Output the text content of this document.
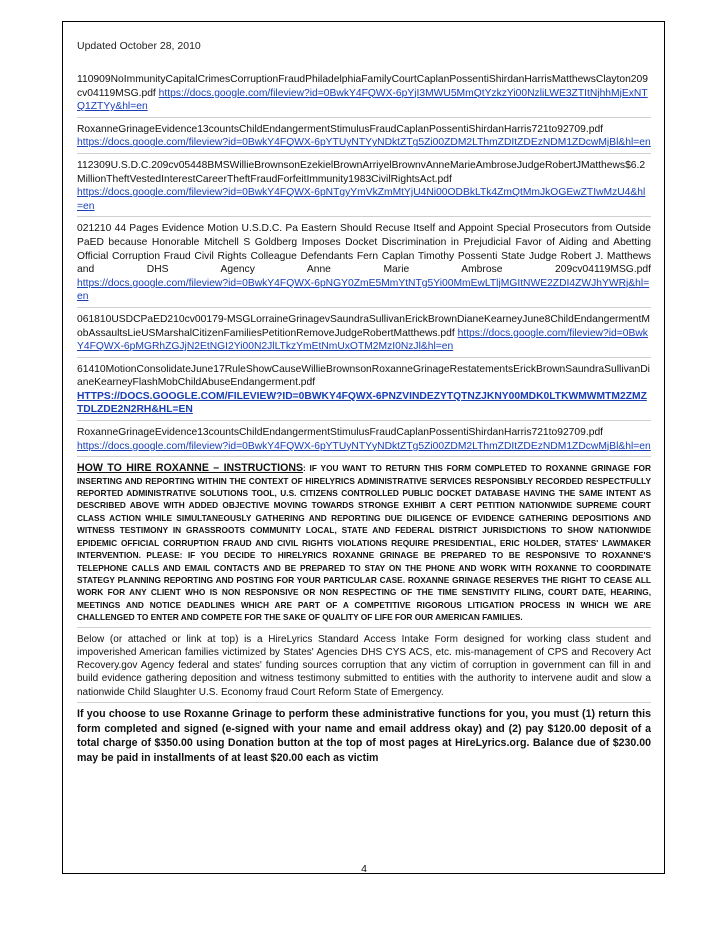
Updated October 28, 2010
110909NoImmunityCapitalCrimesCorruptionFraudPhiladelphiaFamilyCourtCaplanPossentiShirdanHarrisMatthewsClayton209cv04119MSG.pdf https://docs.google.com/fileview?id=0BwkY4FQWX-6pYjI3MWU5MmQtYzkzYi00NzliLWE3ZTItNjhhMjExNTQ1ZTYy&hl=en
RoxanneGrinageEvidence13countsChildEndangermentStimulusFraudCaplanPossentiShirdanHarris721to92709.pdf
https://docs.google.com/fileview?id=0BwkY4FQWX-6pYTUyNTYyNDktZTg5Zi00ZDM2LThmZDItZDEzNDM1ZDcwMjBl&hl=en
112309U.S.D.C.209cv05448BMSWillieBrownsonEzekielBrownArriyelBrownvAnneMarieAmbroseJudgeRobertJMatthews$6.2MillionTheftVestedInterestCareerTheftFraudForfeitImmunity1983CivilRightsAct.pdf
https://docs.google.com/fileview?id=0BwkY4FQWX-6pNTgyYmVkZmMtYjU4Ni00ODBkLTk4ZmQtMmJkOGEwZTIwMzU4&hl=en
021210 44 Pages Evidence Motion U.S.D.C. Pa Eastern Should Recuse Itself and Appoint Special Prosecutors from Outside PaED because Honorable Mitchell S Goldberg Imposes Docket Discrimination in Prejudicial Favor of Aiding and Abetting Official Corruption Fraud Civil Rights Colleague Defendants Fern Caplan Timothy Possenti State Judge Robert J. Matthews and DHS Agency Anne Marie Ambrose 209cv04119MSG.pdf
https://docs.google.com/fileview?id=0BwkY4FQWX-6pNGY0ZmE5MmYtNTg5Yi00MmEwLTljMGItNWE2ZDI4ZWJhYWRj&hl=en
061810USDCPaED210cv00179-MSGLorraineGrinagevSaundraSullivanErickBrownDianeKearneyJune8ChildEndangermentMobAssaultsLieUSMarshalCitizenFamiliesPetitionRemoveJudgeRobertMatthews.pdf https://docs.google.com/fileview?id=0BwkY4FQWX-6pMGRhZGJjN2EtNGI2Yi00N2JlLTkzYmEtNmUxOTM2MzI0NzJl&hl=en
61410MotionConsolidateJune17RuleShowCauseWillieBrownsonRoxanneGrinageRestatementsErickBrownSaundraSullivanDianeKearneyFlashMobChildAbuseEndangerment.pdf
HTTPS://DOCS.GOOGLE.COM/FILEVIEW?ID=0BWKY4FQWX-6PNZVINDEZYTQTNZJKNY00MDK0LTKWMWMTM2ZMZTDLZDE2N2RH&HL=EN
RoxanneGrinageEvidence13countsChildEndangermentStimulusFraudCaplanPossentiShirdanHarris721to92709.pdf
https://docs.google.com/fileview?id=0BwkY4FQWX-6pYTUyNTYyNDktZTg5Zi00ZDM2LThmZDItZDEzNDM1ZDcwMjBl&hl=en
HOW TO HIRE ROXANNE – INSTRUCTIONS: IF YOU WANT TO RETURN THIS FORM COMPLETED TO ROXANNE GRINAGE FOR INSERTING AND REPORTING WITHIN THE CONTEXT OF HIRELYRICS ADMINISTRATIVE SERVICES RESPONSIBLY RECORDED RESPECTFULLY REPORTED ADMINISTRATIVE SOLUTIONS TOOL, U.S. CITIZENS CONTROLLED PUBLIC DOCKET DATABASE HAVING THE SAME INTENT AS DESCRIBED ABOVE WITH ADDED OBJECTIVE MOVING TOWARDS STRONGE EXHIBIT A CERT PETITION NATIONWIDE SUPREME COURT CLASS ACTION WHILE SIMULTANEOUSLY GATHERING AND REPORTING DUE DILIGENCE OF EVIDENCE GATHERING DEPOSITIONS AND WITNESS TESTIMONY IN GRASSROOTS COMMUNITY LOCAL, STATE AND FEDERAL DISTRICT JURISDICTIONS TO SHOW NATIONWIDE EPIDEMIC OFFICIAL CORRUPTION FRAUD AND CIVIL RIGHTS VIOLATIONS REQUIRE PRESIDENTIAL, ERIC HOLDER, STATES' LAWMAKER INTERVENTION. PLEASE: IF YOU DECIDE TO HIRELYRICS ROXANNE GRINAGE BE PREPARED TO BE RESPONSIVE TO ROXANNE'S TELEPHONE CALLS AND EMAIL CONTACTS AND BE PREPARED TO STAY ON THE PHONE AND WORK WITH ROXANNE TO COORDINATE STATEGY PLANNING REPORTING AND POSTING FOR YOUR PARTICULAR CASE. ROXANNE GRINAGE RESERVES THE RIGHT TO CEASE ALL WORK FOR ANY CLIENT WHO IS NON RESPONSIVE OR NON RESPECTING OF THE TIME SENSTIVITY FILING, COURT DATE, HEARING, MEETINGS AND NOTICE DEADLINES WHICH ARE PART OF A COMPETITIVE RIGOROUS LITIGATION PROCESS IN WHICH WE ARE CHALLENGED TO ENTER AND COMPETE FOR THE SAKE OF QUALITY OF LIFE FOR OUR AMERICAN FAMILIES.
Below (or attached or link at top) is a HireLyrics Standard Access Intake Form designed for working class student and impoverished American families victimized by States' Agencies DHS CYS ACS, etc. mis-management of CPS and Recovery Act Recovery.gov Agency federal and states' funding sources corruption that any victim of corruption in government can fill in and build evidence gathering deposition and witness testimony submitted to entities with the authority to intervene audit and slow a nationwide Child Slaughter U.S. Economy fraud Court Reform State of Emergency.
If you choose to use Roxanne Grinage to perform these administrative functions for you, you must (1) return this form completed and signed (e-signed with your name and email address okay) and (2) pay $120.00 deposit of a total charge of $350.00 using Donation button at the top of most pages at HireLyrics.org. Balance due of $230.00 may be paid in installments of at least $20.00 each as victim
4
